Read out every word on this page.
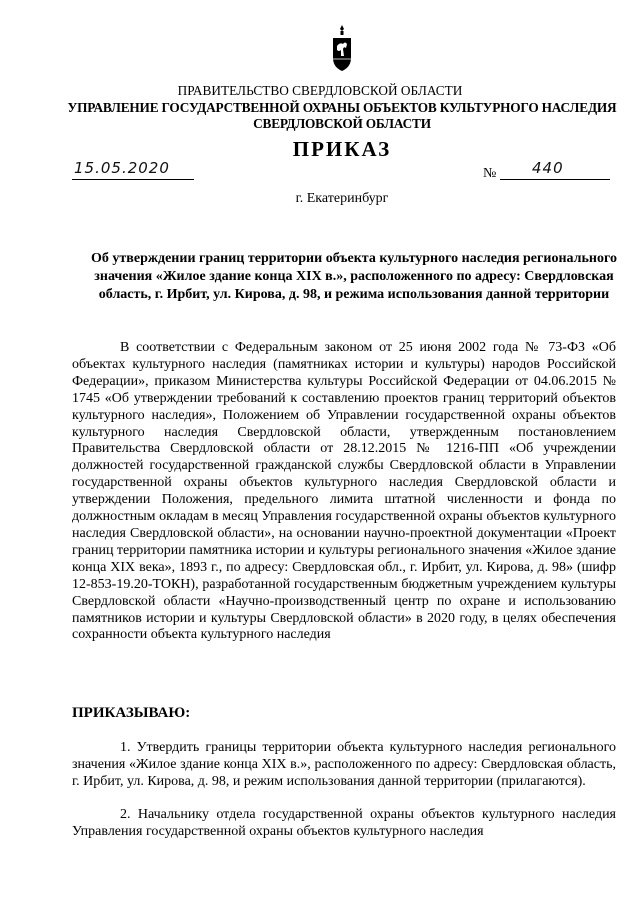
ПРАВИТЕЛЬСТВО СВЕРДЛОВСКОЙ ОБЛАСТИ
УПРАВЛЕНИЕ ГОСУДАРСТВЕННОЙ ОХРАНЫ ОБЪЕКТОВ КУЛЬТУРНОГО НАСЛЕДИЯ СВЕРДЛОВСКОЙ ОБЛАСТИ
ПРИКАЗ
15.05.2020	№ 440
г. Екатеринбург
Об утверждении границ территории объекта культурного наследия регионального значения «Жилое здание конца XIX в.», расположенного по адресу: Свердловская область, г. Ирбит, ул. Кирова, д. 98, и режима использования данной территории

В соответствии с Федеральным законом от 25 июня 2002 года № 73-ФЗ «Об объектах культурного наследия (памятниках истории и культуры) народов Российской Федерации», приказом Министерства культуры Российской Федерации от 04.06.2015 № 1745 «Об утверждении требований к составлению проектов границ территорий объектов культурного наследия», Положением об Управлении государственной охраны объектов культурного наследия Свердловской области, утвержденным постановлением Правительства Свердловской области от 28.12.2015 № 1216-ПП «Об учреждении должностей государственной гражданской службы Свердловской области в Управлении государственной охраны объектов культурного наследия Свердловской области и утверждении Положения, предельного лимита штатной численности и фонда по должностным окладам в месяц Управления государственной охраны объектов культурного наследия Свердловской области», на основании научно-проектной документации «Проект границ территории памятника истории и культуры регионального значения «Жилое здание конца XIX века», 1893 г., по адресу: Свердловская обл., г. Ирбит, ул. Кирова, д. 98» (шифр 12-853-19.20-ТОКН), разработанной государственным бюджетным учреждением культуры Свердловской области «Научно-производственный центр по охране и использованию памятников истории и культуры Свердловской области» в 2020 году, в целях обеспечения сохранности объекта культурного наследия

ПРИКАЗЫВАЮ:

1. Утвердить границы территории объекта культурного наследия регионального значения «Жилое здание конца XIX в.», расположенного по адресу: Свердловская область, г. Ирбит, ул. Кирова, д. 98, и режим использования данной территории (прилагаются).

2. Начальнику отдела государственной охраны объектов культурного наследия Управления государственной охраны объектов культурного наследия
